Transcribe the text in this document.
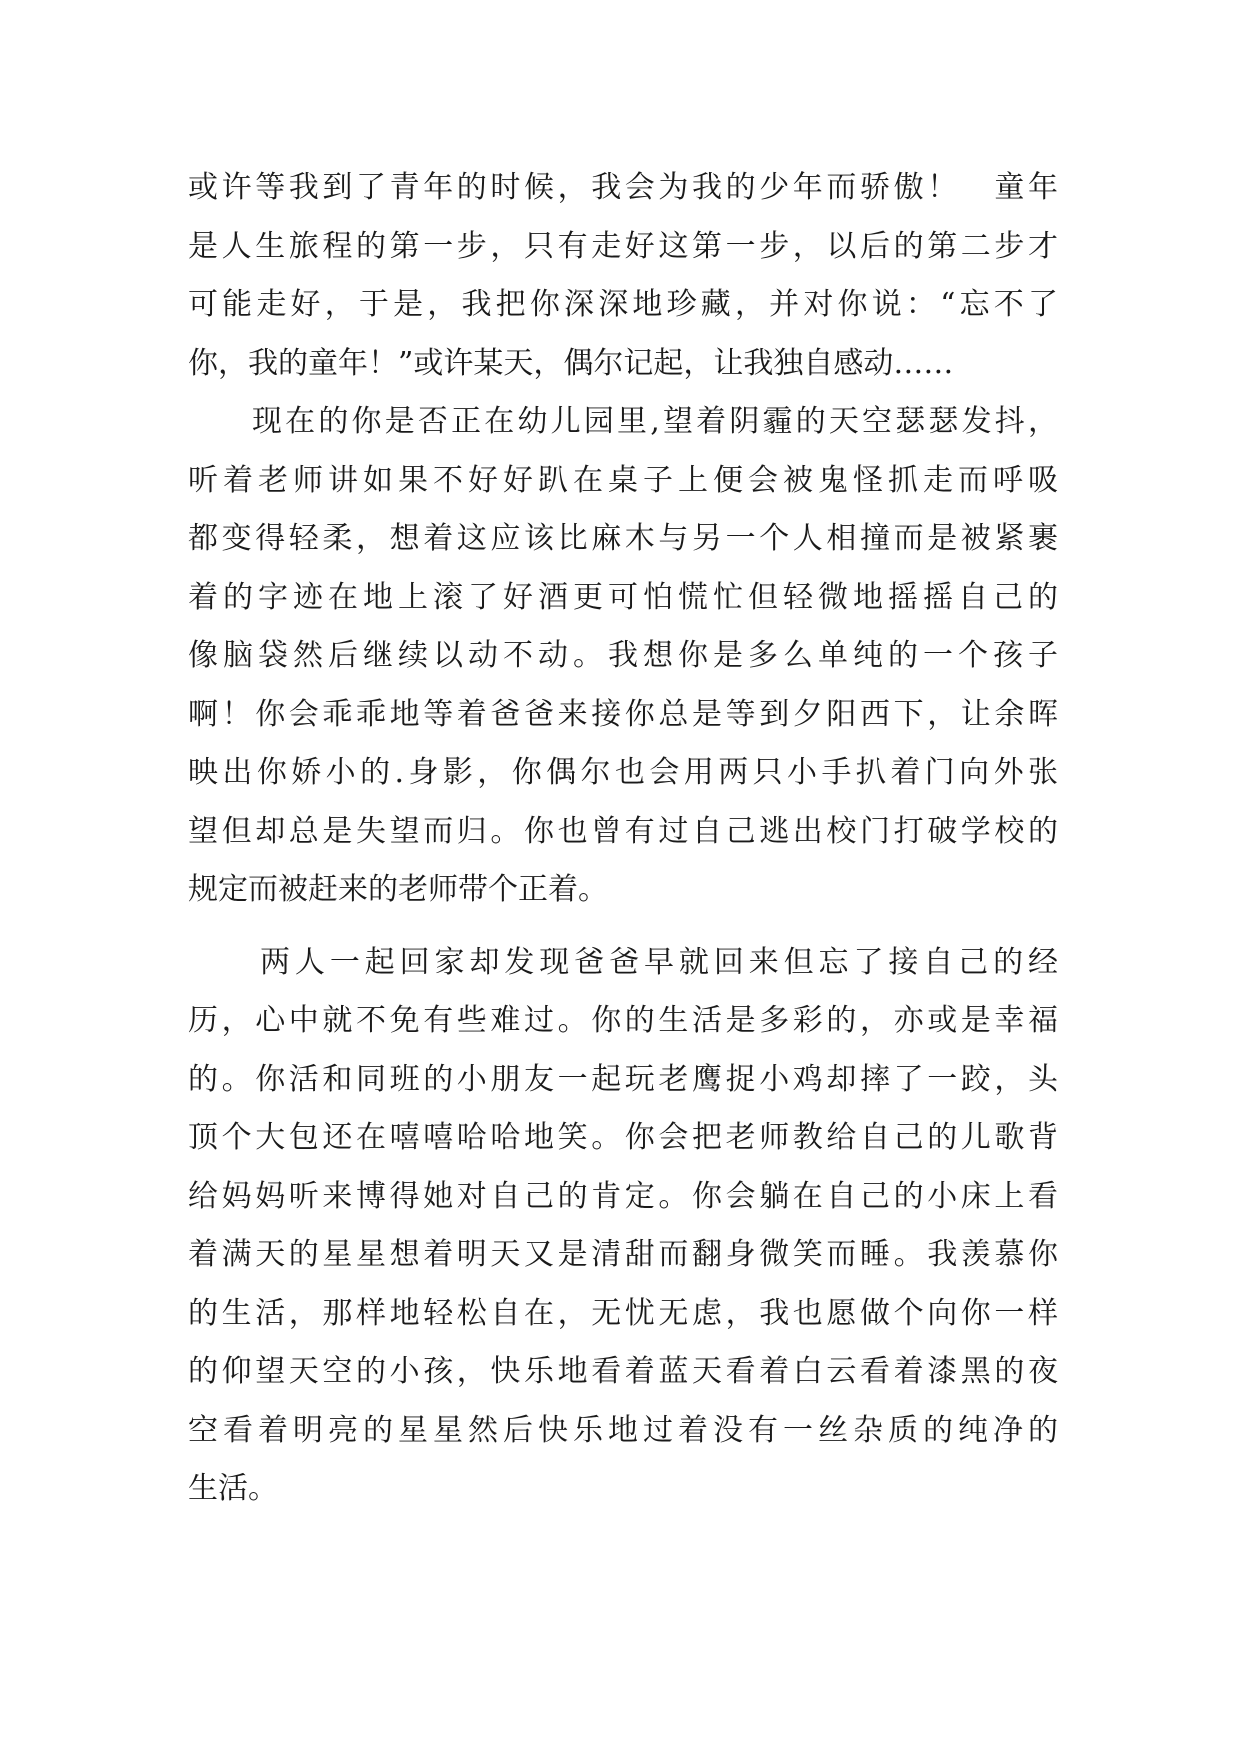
或许等我到了青年的时候，我会为我的少年而骄傲！　童年
是人生旅程的第一步，只有走好这第一步，以后的第二步才
可能走好，于是，我把你深深地珍藏，并对你说：“忘不了
你，我的童年！”或许某天，偶尔记起，让我独自感动……
现在的你是否正在幼儿园里,望着阴霾的天空瑟瑟发抖，
听着老师讲如果不好好趴在桌子上便会被鬼怪抓走而呼吸
都变得轻柔，想着这应该比麻木与另一个人相撞而是被紧裹
着的字迹在地上滚了好酒更可怕慌忙但轻微地摇摇自己的
像脑袋然后继续以动不动。我想你是多么单纯的一个孩子
啊！你会乖乖地等着爸爸来接你总是等到夕阳西下，让余晖
映出你娇小的.身影，你偶尔也会用两只小手扒着门向外张
望但却总是失望而归。你也曾有过自己逃出校门打破学校的
规定而被赶来的老师带个正着。
两人一起回家却发现爸爸早就回来但忘了接自己的经
历，心中就不免有些难过。你的生活是多彩的，亦或是幸福
的。你活和同班的小朋友一起玩老鹰捉小鸡却摔了一跤，头
顶个大包还在嘻嘻哈哈地笑。你会把老师教给自己的儿歌背
给妈妈听来博得她对自己的肯定。你会躺在自己的小床上看
着满天的星星想着明天又是清甜而翻身微笑而睡。我羡慕你
的生活，那样地轻松自在，无忧无虑，我也愿做个向你一样
的仰望天空的小孩，快乐地看着蓝天看着白云看着漆黑的夜
空看着明亮的星星然后快乐地过着没有一丝杂质的纯净的
生活。
